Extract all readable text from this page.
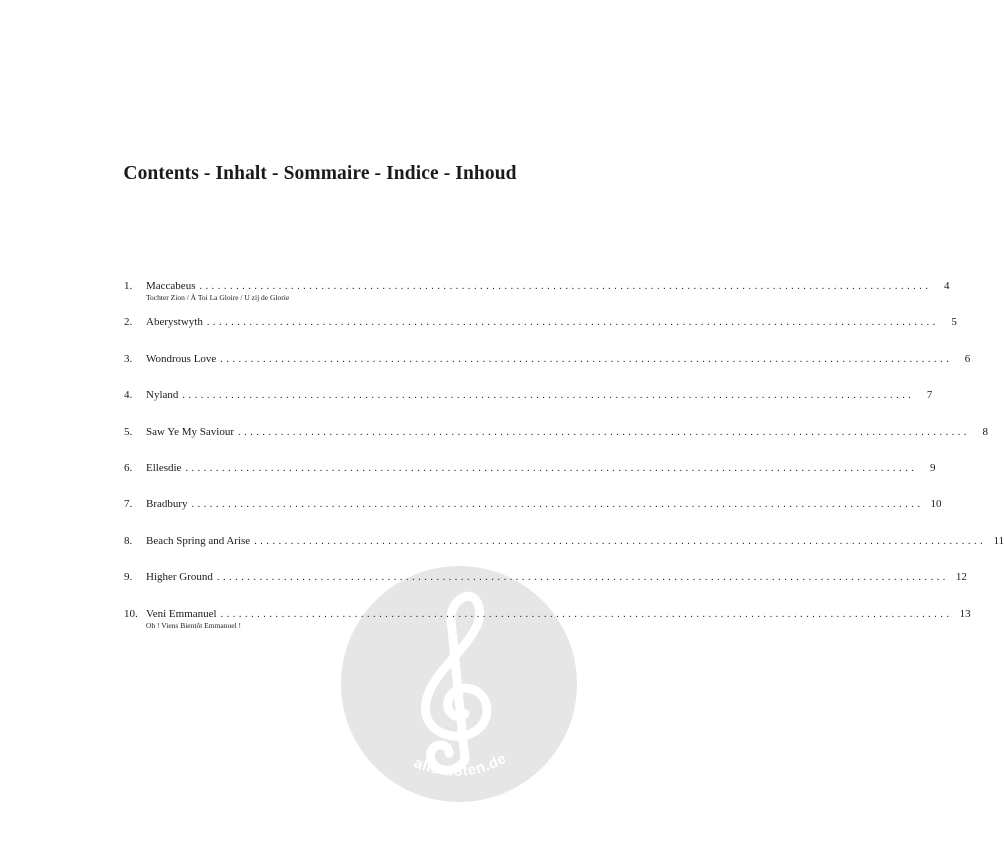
alle-noten.de
Contents - Inhalt - Sommaire - Indice - Inhoud
1.	Maccabeus ........................................................................................................................	4
Tochter Zion / À Toi La Gloire / U zij de Glorie
2.	Aberystwyth ........................................................................................................................	5
3.	Wondrous Love ........................................................................................................................	6
4.	Nyland ........................................................................................................................	7
5.	Saw Ye My Saviour ........................................................................................................................	8
6.	Ellesdie ........................................................................................................................	9
7.	Bradbury ........................................................................................................................ 10
8.	Beach Spring and Arise ........................................................................................................................ 11
9.	Higher Ground ........................................................................................................................ 12
10. Veni Emmanuel ........................................................................................................................ 13
Oh ! Viens Bientôt Emmanuel !
